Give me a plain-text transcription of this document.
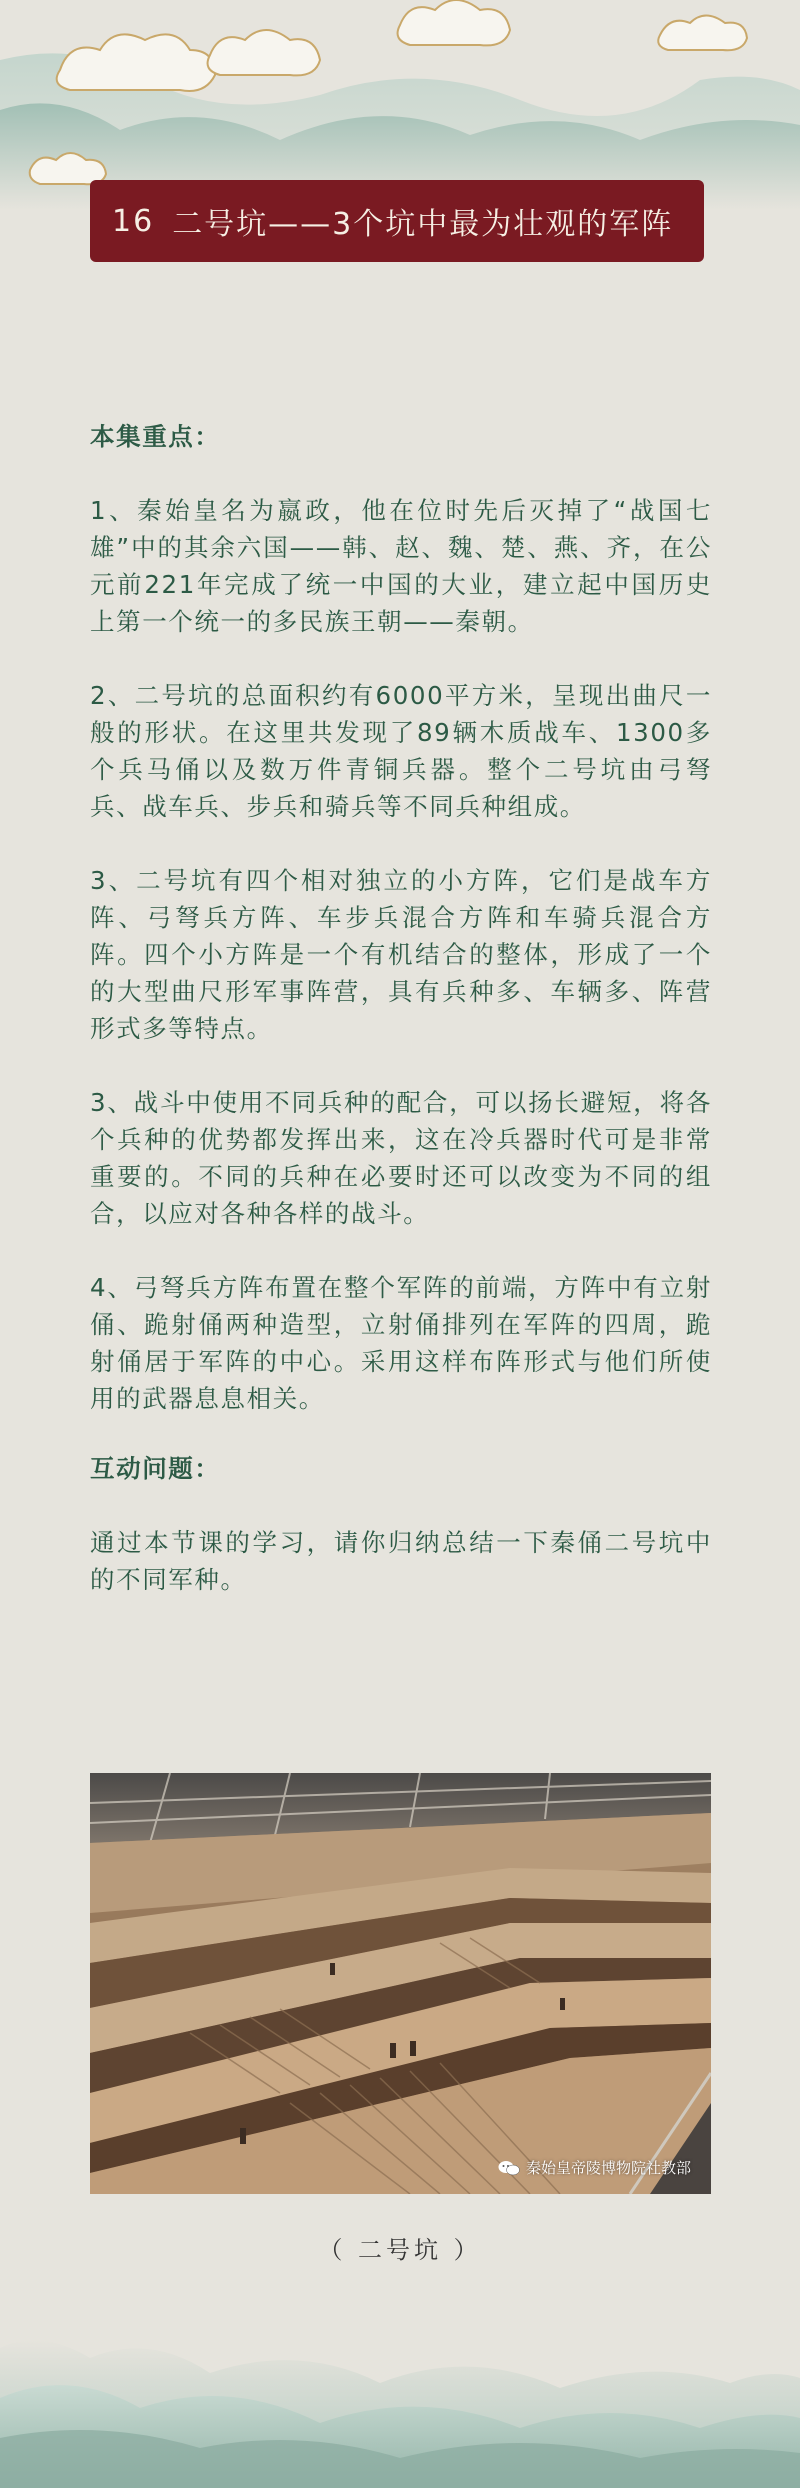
16 二号坑——3个坑中最为壮观的军阵

本集重点：

1、秦始皇名为嬴政，他在位时先后灭掉了“战国七雄”中的其余六国——韩、赵、魏、楚、燕、齐，在公元前221年完成了统一中国的大业，建立起中国历史上第一个统一的多民族王朝——秦朝。

2、二号坑的总面积约有6000平方米，呈现出曲尺一般的形状。在这里共发现了89辆木质战车、1300多个兵马俑以及数万件青铜兵器。整个二号坑由弓弩兵、战车兵、步兵和骑兵等不同兵种组成。

3、二号坑有四个相对独立的小方阵，它们是战车方阵、弓弩兵方阵、车步兵混合方阵和车骑兵混合方阵。四个小方阵是一个有机结合的整体，形成了一个的大型曲尺形军事阵营，具有兵种多、车辆多、阵营形式多等特点。

3、战斗中使用不同兵种的配合，可以扬长避短，将各个兵种的优势都发挥出来，这在冷兵器时代可是非常重要的。不同的兵种在必要时还可以改变为不同的组合，以应对各种各样的战斗。

4、弓弩兵方阵布置在整个军阵的前端，方阵中有立射俑、跪射俑两种造型，立射俑排列在军阵的四周，跪射俑居于军阵的中心。采用这样布阵形式与他们所使用的武器息息相关。

互动问题：

通过本节课的学习，请你归纳总结一下秦俑二号坑中的不同军种。

秦始皇帝陵博物院社教部
（ 二号坑 ）
